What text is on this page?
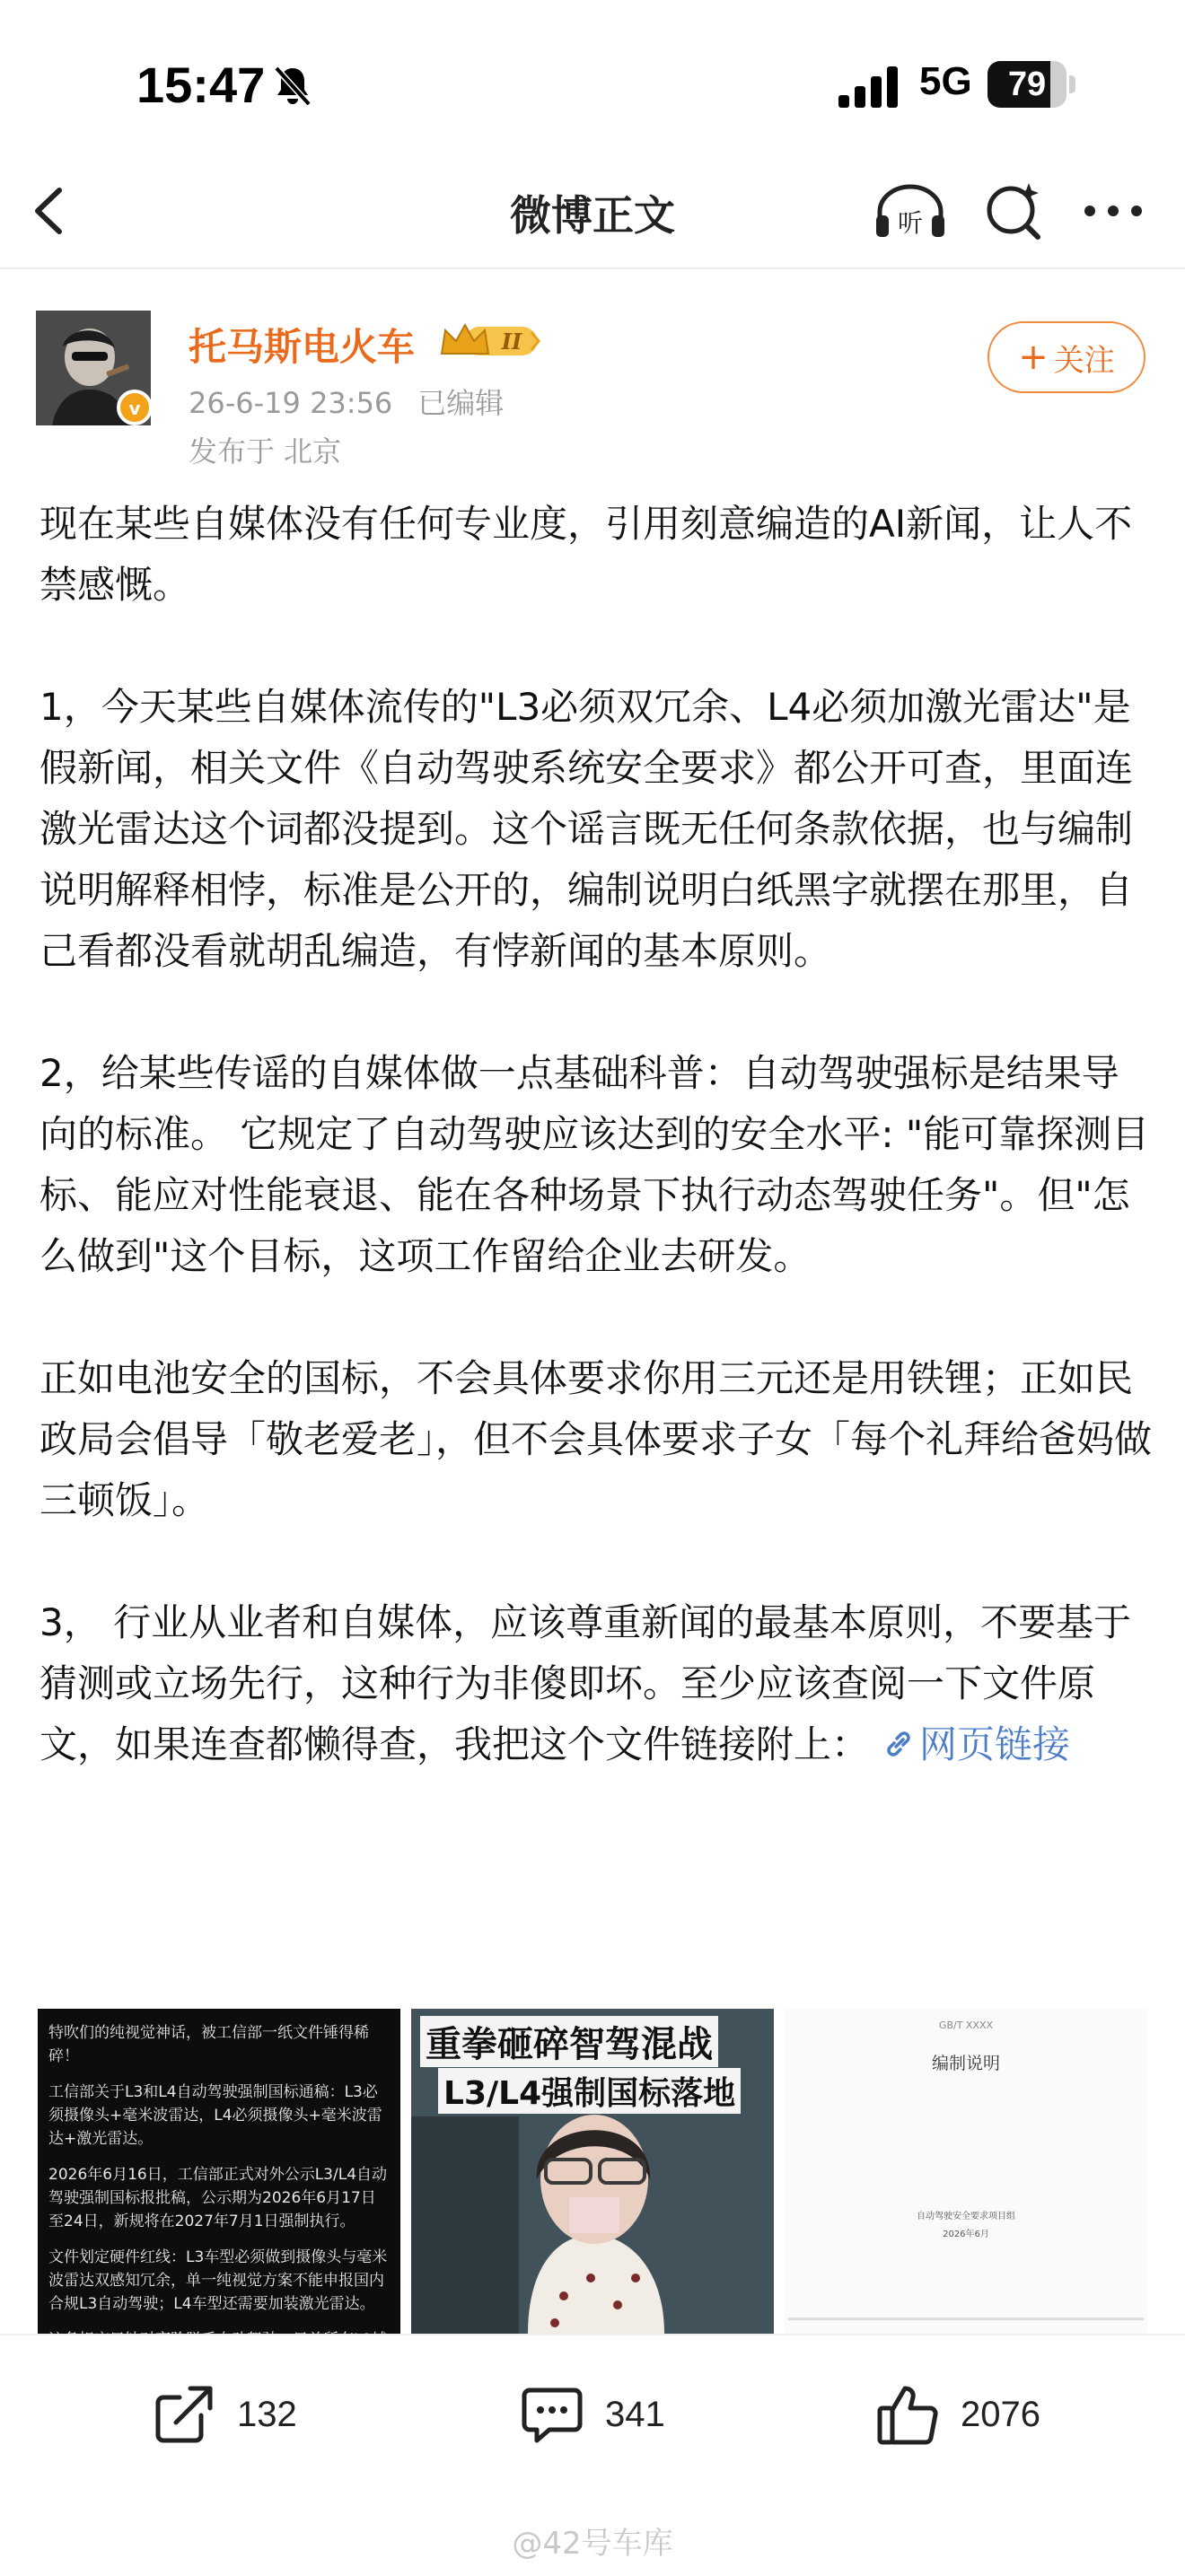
15:47	5G	79
微博正文	听
v
托马斯电火车	II
26-6-19 23:56 已编辑
发布于 北京
+ 关注

现在某些自媒体没有任何专业度，引用刻意编造的AI新闻，让人不禁感慨。

1，今天某些自媒体流传的"L3必须双冗余、L4必须加激光雷达"是假新闻，相关文件《自动驾驶系统安全要求》都公开可查，里面连激光雷达这个词都没提到。这个谣言既无任何条款依据，也与编制说明解释相悖，标准是公开的，编制说明白纸黑字就摆在那里，自己看都没看就胡乱编造，有悖新闻的基本原则。

2，给某些传谣的自媒体做一点基础科普：自动驾驶强标是结果导向的标准。 它规定了自动驾驶应该达到的安全水平: "能可靠探测目标、能应对性能衰退、能在各种场景下执行动态驾驶任务"。但"怎么做到"这个目标，这项工作留给企业去研发。

正如电池安全的国标，不会具体要求你用三元还是用铁锂；正如民政局会倡导「敬老爱老」，但不会具体要求子女「每个礼拜给爸妈做三顿饭」。

3， 行业从业者和自媒体，应该尊重新闻的最基本原则，不要基于猜测或立场先行，这种行为非傻即坏。至少应该查阅一下文件原文，如果连查都懒得查，我把这个文件链接附上： 网页链接

特吹们的纯视觉神话，被工信部一纸文件锤得稀碎！

工信部关于L3和L4自动驾驶强制国标通稿：L3必须摄像头+毫米波雷达，L4必须摄像头+毫米波雷达+激光雷达。

2026年6月16日，工信部正式对外公示L3/L4自动驾驶强制国标报批稿，公示期为2026年6月17日至24日，新规将在2027年7月1日强制执行。

文件划定硬件红线：L3车型必须做到摄像头与毫米波雷达双感知冗余，单一纯视觉方案不能申报国内合规L3自动驾驶；L4车型还需要加装激光雷达。

重拳砸碎智驾混战
L3/L4强制国标落地
GB/T XXXX
编制说明
自动驾驶安全要求项目组
2026年6月
132	341	2076
@42号车库
